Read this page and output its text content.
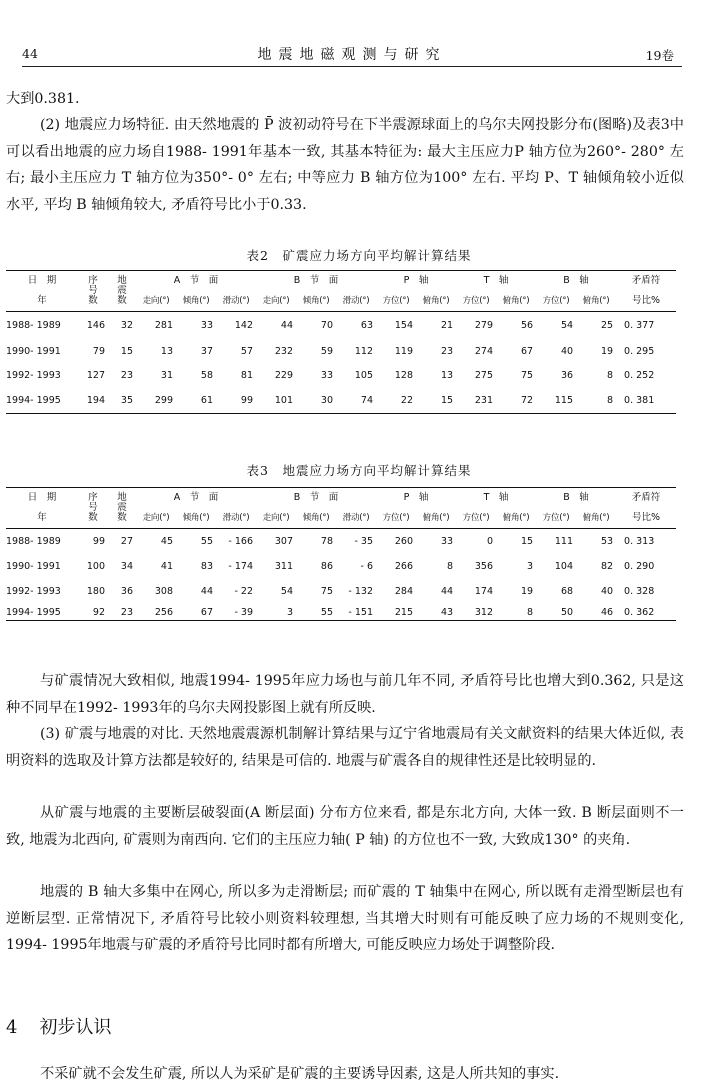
44	地震地磁观测与研究	19卷

大到0.381.

(2) 地震应力场特征. 由天然地震的 P̄ 波初动符号在下半震源球面上的乌尔夫网投影分布(图略)及表3中可以看出地震的应力场自1988- 1991年基本一致, 其基本特征为: 最大主压应力P 轴方位为260°- 280° 左右; 最小主压应力 T 轴方位为350°- 0° 左右; 中等应力 B 轴方位为100° 左右. 平均 P、T 轴倾角较小近似水平, 平均 B 轴倾角较大, 矛盾符号比小于0.33.

表2　矿震应力场方向平均解计算结果
日　期	序号数	地震数	A　节　面			B　节　面			P　轴		T　轴		B　轴		矛盾符
年			走向(°)	倾角(°)	滑动(°)	走向(°)	倾角(°)	滑动(°)	方位(°)	俯角(°)	方位(°)	俯角(°)	方位(°)	俯角(°)	号比%
1988- 1989	146	32	281	33	142	44	70	63	154	21	279	56	54	25	0. 377
1990- 1991	79	15	13	37	57	232	59	112	119	23	274	67	40	19	0. 295
1992- 1993	127	23	31	58	81	229	33	105	128	13	275	75	36	8	0. 252
1994- 1995	194	35	299	61	99	101	30	74	22	15	231	72	115	8	0. 381
表3　地震应力场方向平均解计算结果
日　期	序号数	地震数	A　节　面			B　节　面			P　轴		T　轴		B　轴		矛盾符
年			走向(°)	倾角(°)	滑动(°)	走向(°)	倾角(°)	滑动(°)	方位(°)	俯角(°)	方位(°)	俯角(°)	方位(°)	俯角(°)	号比%
1988- 1989	99	27	45	55	- 166	307	78	- 35	260	33	0	15	111	53	0. 313
1990- 1991	100	34	41	83	- 174	311	86	- 6	266	8	356	3	104	82	0. 290
1992- 1993	180	36	308	44	- 22	54	75	- 132	284	44	174	19	68	40	0. 328
1994- 1995	92	23	256	67	- 39	3	55	- 151	215	43	312	8	50	46	0. 362

与矿震情况大致相似, 地震1994- 1995年应力场也与前几年不同, 矛盾符号比也增大到0.362, 只是这种不同早在1992- 1993年的乌尔夫网投影图上就有所反映.

(3) 矿震与地震的对比. 天然地震震源机制解计算结果与辽宁省地震局有关文献资料的结果大体近似, 表明资料的选取及计算方法都是较好的, 结果是可信的. 地震与矿震各自的规律性还是比较明显的.

从矿震与地震的主要断层破裂面(A 断层面) 分布方位来看, 都是东北方向, 大体一致. B 断层面则不一致, 地震为北西向, 矿震则为南西向. 它们的主压应力轴( P 轴) 的方位也不一致, 大致成130° 的夹角.

地震的 B 轴大多集中在网心, 所以多为走滑断层; 而矿震的 T 轴集中在网心, 所以既有走滑型断层也有逆断层型. 正常情况下, 矛盾符号比较小则资料较理想, 当其增大时则有可能反映了应力场的不规则变化, 1994- 1995年地震与矿震的矛盾符号比同时都有所增大, 可能反映应力场处于调整阶段.

4 初步认识

不采矿就不会发生矿震, 所以人为采矿是矿震的主要诱导因素, 这是人所共知的事实.
